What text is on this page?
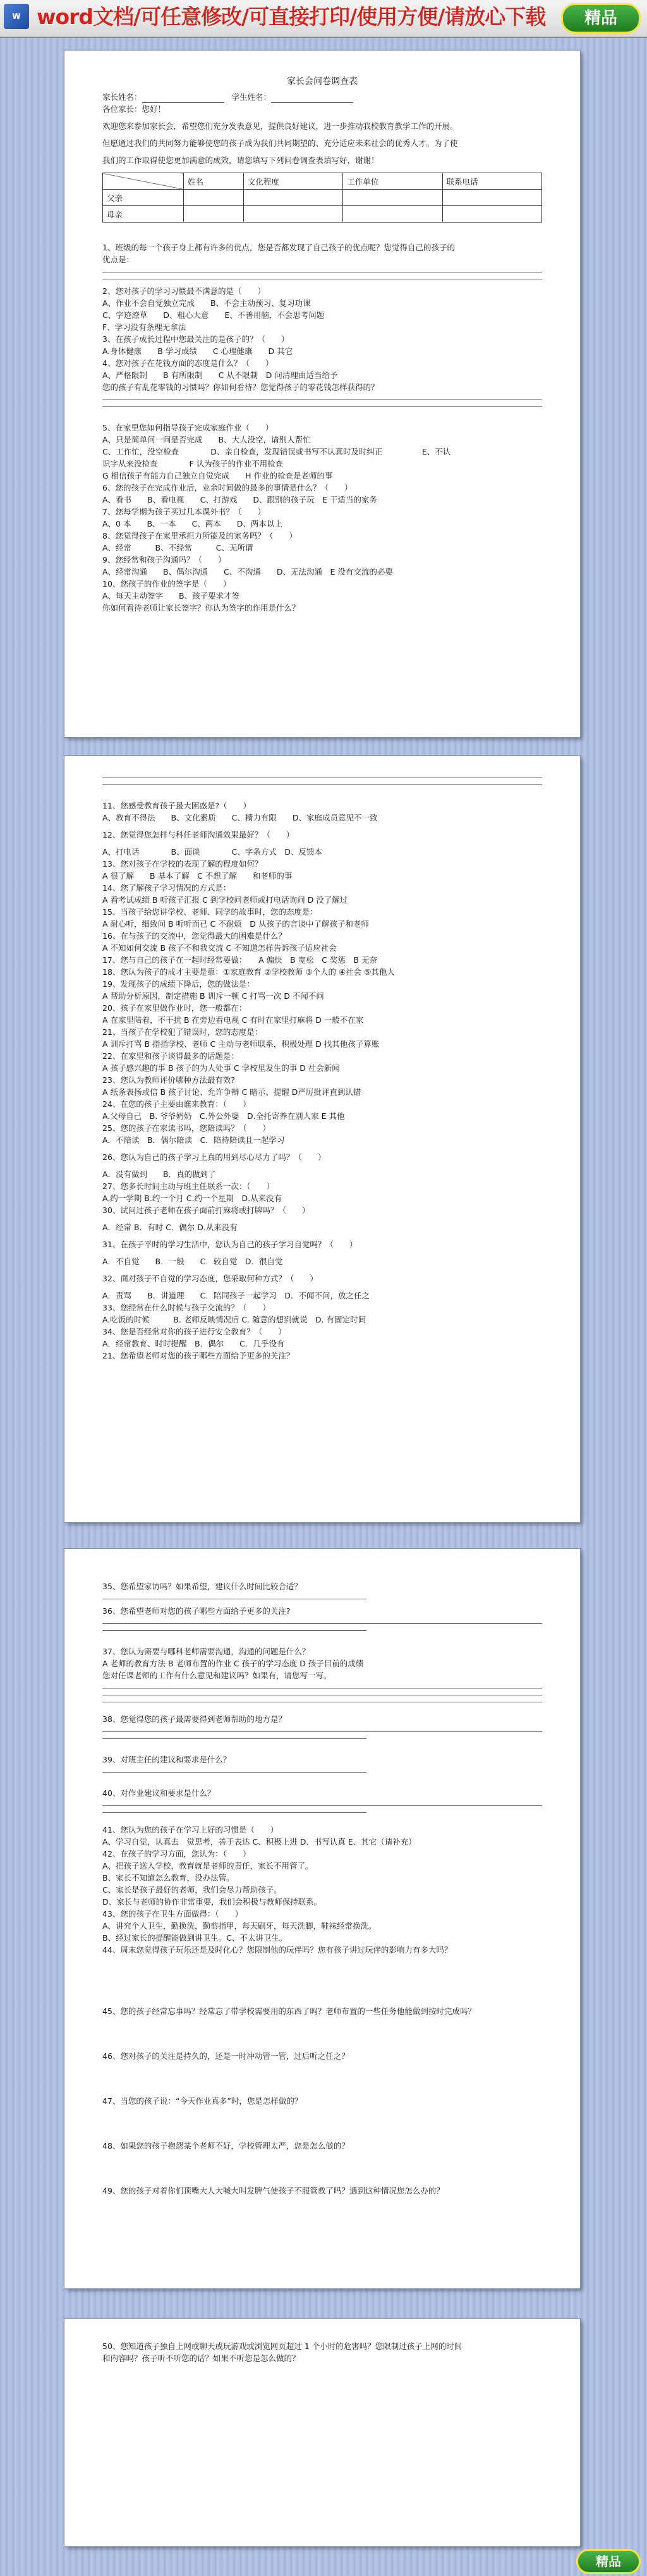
W word文档/可任意修改/可直接打印/使用方便/请放心下载	精品

家长会问卷调查表

家长姓名：	学生姓名：

各位家长：您好！

欢迎您来参加家长会，希望您们充分发表意见，提供良好建议，进一步推动我校教育教学工作的开展。

但愿通过我们的共同努力能够使您的孩子成为我们共同期望的、充分适应未来社会的优秀人才。为了使

我们的工作取得使您更加满意的成效，请您填写下列问卷调查表填写好，谢谢！

	姓名	文化程度	工作单位	联系电话
父亲				
母亲				

1、班级的每一个孩子身上都有许多的优点，您是否都发现了自己孩子的优点呢？您觉得自己的孩子的

优点是：

2、您对孩子的学习习惯最不满意的是（　　）

A、作业不会自觉独立完成　　B、不会主动预习、复习功课

C、字迹潦草　　D、粗心大意　　E、不善用脑，不会思考问题

F、学习没有条理无拿法

3、在孩子成长过程中您最关注的是孩子的？（　　）

A.身体健康　　B 学习成绩　　C 心理健康　　D 其它

4、您对孩子在花钱方面的态度是什么？（　　）

A、严格限制　　B 有所限制　　C 从不限制　D 问清理由适当给予

您的孩子有乱花零钱的习惯吗？你如何看待？您觉得孩子的零花钱怎样获得的？

5、在家里您如何指导孩子完成家庭作业（　　）

A、只是简单问一问是否完成　　B、大人没空，请别人帮忙

C、工作忙，没空检查　　　　D、亲自检查，发现错误或书写不认真时及时纠正　　　　　E、不认

识字从来没检查　　　　F 认为孩子的作业不用检查

G 相信孩子有能力自己独立自觉完成　　H 作业的检查是老师的事

6、您的孩子在完成作业后，业余时间做的最多的事情是什么？（　　）

A、看书　　B、看电视　　C、打游戏　　D、跟别的孩子玩　E 干适当的家务

7、您每学期为孩子买过几本课外书？（　　）

A、0 本　　B、一本　　C、两本　　D、两本以上

8、您觉得孩子在家里承担力所能及的家务吗？（　　）

A、经常　　　B、不经常　　　C、无所谓

9、您经常和孩子沟通吗？（　　）

A、经常沟通　　B、偶尔沟通　　C、不沟通　　D、无法沟通　E 没有交流的必要

10、您孩子的作业的签字是（　　）

A、每天主动签字　　B、孩子要求才签

你如何看待老师让家长签字？你认为签字的作用是什么？

11、您感受教育孩子最大困惑是?（　　）

A、教育不得法　　B、文化素质　　C、精力有限　　D、家庭成员意见不一致

12、您觉得您怎样与科任老师沟通效果最好？（　　）

A、打电话　　　　B、面谈　　　　C、字条方式　D、反馈本

13、您对孩子在学校的表现了解的程度如何？

A 很了解　　B 基本了解　C 不想了解　　和老师的事

14、您了解孩子学习情况的方式是：

A 看考试成绩 B 听孩子汇报 C 到学校问老师或打电话询问 D 没了解过

15、当孩子给您讲学校、老师、同学的故事时，您的态度是：

A 耐心听，细致问 B 听听而已 C 不耐烦　D 从孩子的言谈中了解孩子和老师

16、在与孩子的交流中，您觉得最大的困难是什么？

A 不知如何交流 B 孩子不和我交流 C 不知道怎样告诉孩子适应社会

17、您与自己的孩子在一起时经常要做：　　A 偏快　B 宽松　C 奖惩　B 无奈

18、您认为孩子的成才主要是靠：①家庭教育 ②学校教师 ③个人的 ④社会 ⑤其他人

19、发现孩子的成绩下降后，您的做法是：

A 帮助分析原因，制定措施 B 训斥一顿 C 打骂一次 D 不闻不问

20、孩子在家里做作业时，您一般都在：

A 在家里陪着，不干扰 B 在旁边看电视 C 有时在家里打麻将 D 一般不在家

21、当孩子在学校犯了错误时，您的态度是：

A 训斥打骂 B 指指学校、老师 C 主动与老师联系，积极处理 D 找其他孩子算账

22、在家里和孩子谈得最多的话题是：

A 孩子感兴趣的事 B 孩子的为人处事 C 学校里发生的事 D 社会新闻

23、您认为教师评价哪种方法最有效?

A 纸条表扬或信 B 孩子讨论、允许争辩 C 暗示、提醒 D严厉批评直到认错

24、在您的孩子主要由谁来教育：（　　）

A.父母自己　B. 爷爷奶奶　C.外公外婆　D.全托寄养在别人家 E 其他

25、您的孩子在家读书吗，您陪读吗？（　　）

A．不陪读　B．偶尔陪读　C．陪待陪读且一起学习

26、您认为自己的孩子学习上真的用到尽心尽力了吗？（　　）

A．没有做到　　B．真的做到了

27、您多长时间主动与班主任联系一次：（　　）

A.约一学期 B.约一个月 C.约一个星期　D.从来没有

30、试问过孩子老师在孩子面前打麻将或打牌吗？（　　）

A．经常 B．有时 C．偶尔 D.从来没有

31、在孩子平时的学习生活中，您认为自己的孩子学习自觉吗？（　　）

A．不自觉　　B．一般　　C．较自觉　D．很自觉

32、面对孩子不自觉的学习态度，您采取何种方式？（　　）

A．责骂　　B．讲道理　　C．陪同孩子一起学习　D．不闻不问，放之任之

33、您经常在什么时候与孩子交流的？（　　）

A.吃饭的时候　　　B. 老师反映情况后 C. 随意的想到就说　D. 有固定时间

34、您是否经常对你的孩子进行安全教育？（　　）

A．经常教育、时时提醒　B．偶尔　　C．几乎没有

21、您希望老师对您的孩子哪些方面给予更多的关注？

35、您希望家访吗？如果希望，建议什么时间比较合适？

36、您希望老师对您的孩子哪些方面给予更多的关注?

37、您认为需要与哪科老师需要沟通，沟通的问题是什么？

A 老师的教育方法 B 老师布置的作业 C 孩子的学习态度 D 孩子目前的成绩

您对任课老师的工作有什么意见和建议吗？如果有，请您写一写。

38、您觉得您的孩子最需要得到老师帮助的地方是？

39、对班主任的建议和要求是什么？

40、对作业建议和要求是什么？

41、您认为您的孩子在学习上好的习惯是（　　）

A、学习自觉，认真去　觉思考，善于表达 C、积极上进 D、书写认真 E、其它（请补充）

42、在孩子的学习方面，您认为：（　　）

A、把孩子送入学校，教育就是老师的责任，家长不用管了。

B、家长不知道怎么教育，没办法管。

C、家长是孩子最好的老师，我们会尽力帮助孩子。

D、家长与老师的协作非常重要，我们会积极与教师保持联系。

43、您的孩子在卫生方面做得：（　　）

A、讲究个人卫生，勤换洗，勤剪指甲，每天刷牙，每天洗脚，鞋袜经常换洗。

B、经过家长的提醒能做到讲卫生。C、不太讲卫生。

44、周末您觉得孩子玩乐还是及时化心？您限制他的玩伴吗？您有孩子讲过玩伴的影响力有多大吗？

45、您的孩子经常忘事吗？经常忘了带学校需要用的东西了吗？老师布置的一些任务他能做到按时完成吗？

46、您对孩子的关注是持久的，还是一时冲动管一管，过后听之任之？

47、当您的孩子说：“今天作业真多”时，您是怎样做的？

48、如果您的孩子抱怨某个老师不好，学校管理太严，您是怎么做的？

49、您的孩子对着你们顶嘴大人大喊大叫发脾气使孩子不服管教了吗？遇到这种情况您怎么办的？

50、您知道孩子独自上网或聊天或玩游戏或浏览网页超过 1 个小时的危害吗？您限制过孩子上网的时间

和内容吗？孩子听不听您的话？如果不听您是怎么做的？

精品
